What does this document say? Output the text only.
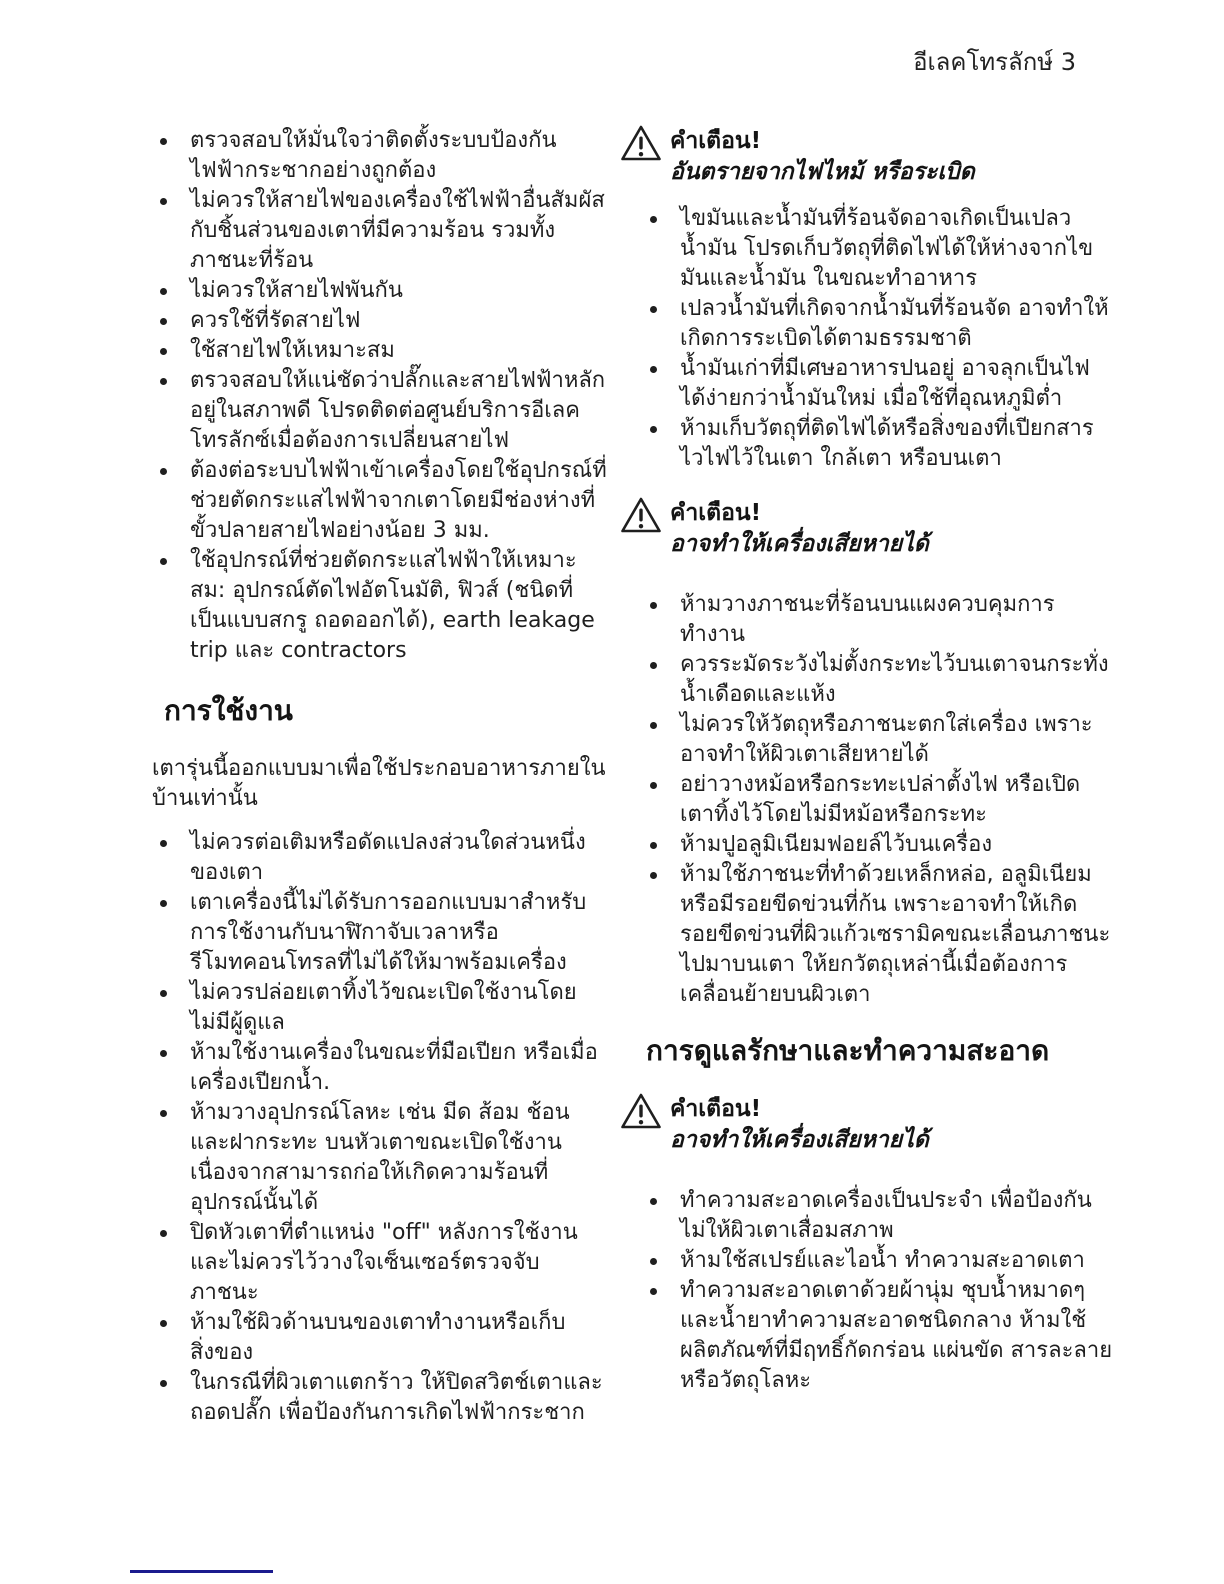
อีเลคโทรลักษ์ 3
ตรวจสอบให้มั่นใจว่าติดตั้งระบบป้องกันไฟฟ้ากระชากอย่างถูกต้อง
ไม่ควรให้สายไฟของเครื่องใช้ไฟฟ้าอื่นสัมผัสกับชิ้นส่วนของเตาที่มีความร้อน รวมทั้งภาชนะที่ร้อน
ไม่ควรให้สายไฟพันกัน
ควรใช้ที่รัดสายไฟ
ใช้สายไฟให้เหมาะสม
ตรวจสอบให้แน่ชัดว่าปลั๊กและสายไฟฟ้าหลักอยู่ในสภาพดี โปรดติดต่อศูนย์บริการอีเลคโทรลักซ์เมื่อต้องการเปลี่ยนสายไฟ
ต้องต่อระบบไฟฟ้าเข้าเครื่องโดยใช้อุปกรณ์ที่ช่วยตัดกระแสไฟฟ้าจากเตาโดยมีช่องห่างที่ขั้วปลายสายไฟอย่างน้อย 3 มม.
ใช้อุปกรณ์ที่ช่วยตัดกระแสไฟฟ้าให้เหมาะสม: อุปกรณ์ตัดไฟอัตโนมัติ, ฟิวส์ (ชนิดที่เป็นแบบสกรู ถอดออกได้), earth leakage trip และ contractors
การใช้งาน

เตารุ่นนี้ออกแบบมาเพื่อใช้ประกอบอาหารภายในบ้านเท่านั้น

ไม่ควรต่อเติมหรือดัดแปลงส่วนใดส่วนหนึ่งของเตา
เตาเครื่องนี้ไม่ได้รับการออกแบบมาสำหรับการใช้งานกับนาฬิกาจับเวลาหรือรีโมทคอนโทรลที่ไม่ได้ให้มาพร้อมเครื่อง
ไม่ควรปล่อยเตาทิ้งไว้ขณะเปิดใช้งานโดยไม่มีผู้ดูแล
ห้ามใช้งานเครื่องในขณะที่มือเปียก หรือเมื่อเครื่องเปียกน้ำ.
ห้ามวางอุปกรณ์โลหะ เช่น มีด ส้อม ช้อน และฝากระทะ บนหัวเตาขณะเปิดใช้งาน เนื่องจากสามารถก่อให้เกิดความร้อนที่อุปกรณ์นั้นได้
ปิดหัวเตาที่ตำแหน่ง "off" หลังการใช้งาน และไม่ควรไว้วางใจเซ็นเซอร์ตรวจจับภาชนะ
ห้ามใช้ผิวด้านบนของเตาทำงานหรือเก็บสิ่งของ
ในกรณีที่ผิวเตาแตกร้าว ให้ปิดสวิตช์เตาและถอดปลั๊ก เพื่อป้องกันการเกิดไฟฟ้ากระชาก
คำเตือน!
อันตรายจากไฟไหม้ หรือระเบิด
ไขมันและน้ำมันที่ร้อนจัดอาจเกิดเป็นเปลวน้ำมัน โปรดเก็บวัตถุที่ติดไฟได้ให้ห่างจากไขมันและน้ำมัน ในขณะทำอาหาร
เปลวน้ำมันที่เกิดจากน้ำมันที่ร้อนจัด อาจทำให้เกิดการระเบิดได้ตามธรรมชาติ
น้ำมันเก่าที่มีเศษอาหารปนอยู่ อาจลุกเป็นไฟได้ง่ายกว่าน้ำมันใหม่ เมื่อใช้ที่อุณหภูมิต่ำ
ห้ามเก็บวัตถุที่ติดไฟได้หรือสิ่งของที่เปียกสารไวไฟไว้ในเตา ใกล้เตา หรือบนเตา
คำเตือน!
อาจทำให้เครื่องเสียหายได้
ห้ามวางภาชนะที่ร้อนบนแผงควบคุมการทำงาน
ควรระมัดระวังไม่ตั้งกระทะไว้บนเตาจนกระทั่งน้ำเดือดและแห้ง
ไม่ควรให้วัตถุหรือภาชนะตกใส่เครื่อง เพราะอาจทำให้ผิวเตาเสียหายได้
อย่าวางหม้อหรือกระทะเปล่าตั้งไฟ หรือเปิดเตาทิ้งไว้โดยไม่มีหม้อหรือกระทะ
ห้ามปูอลูมิเนียมฟอยล์ไว้บนเครื่อง
ห้ามใช้ภาชนะที่ทำด้วยเหล็กหล่อ, อลูมิเนียม หรือมีรอยขีดข่วนที่ก้น เพราะอาจทำให้เกิดรอยขีดข่วนที่ผิวแก้วเซรามิคขณะเลื่อนภาชนะไปมาบนเตา ให้ยกวัตถุเหล่านี้เมื่อต้องการเคลื่อนย้ายบนผิวเตา
การดูแลรักษาและทำความสะอาด
คำเตือน!
อาจทำให้เครื่องเสียหายได้
ทำความสะอาดเครื่องเป็นประจำ เพื่อป้องกันไม่ให้ผิวเตาเสื่อมสภาพ
ห้ามใช้สเปรย์และไอน้ำ ทำความสะอาดเตา
ทำความสะอาดเตาด้วยผ้านุ่ม ชุบน้ำหมาดๆ และน้ำยาทำความสะอาดชนิดกลาง ห้ามใช้ผลิตภัณฑ์ที่มีฤทธิ์กัดกร่อน แผ่นขัด สารละลาย หรือวัตถุโลหะ
